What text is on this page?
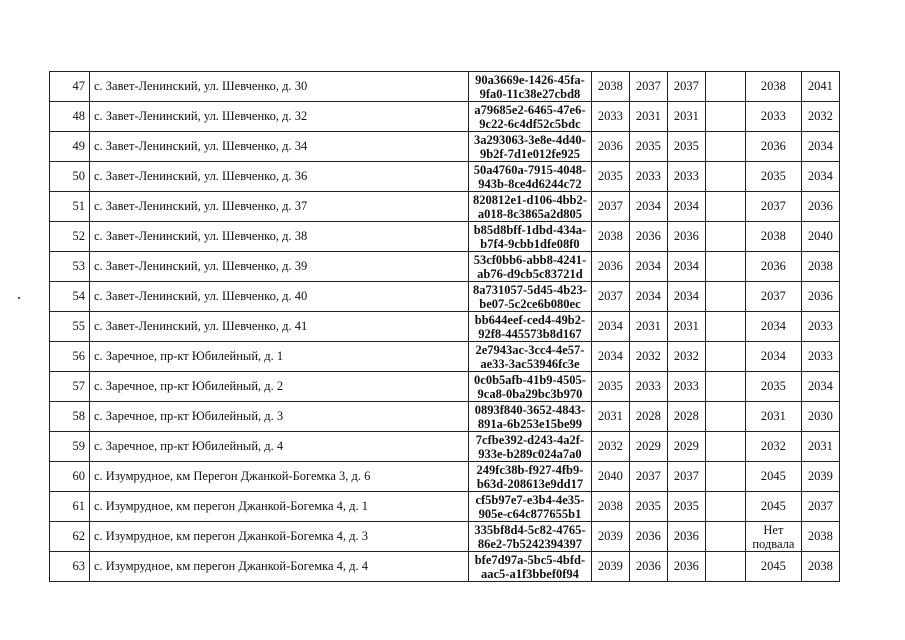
47	с. Завет-Ленинский, ул. Шевченко, д. 30	90a3669e-1426-45fa-
9fa0-11c38e27cbd8	2038	2037	2037		2038	2041
48	с. Завет-Ленинский, ул. Шевченко, д. 32	a79685e2-6465-47e6-
9c22-6c4df52c5bdc	2033	2031	2031		2033	2032
49	с. Завет-Ленинский, ул. Шевченко, д. 34	3a293063-3e8e-4d40-
9b2f-7d1e012fe925	2036	2035	2035		2036	2034
50	с. Завет-Ленинский, ул. Шевченко, д. 36	50a4760a-7915-4048-
943b-8ce4d6244c72	2035	2033	2033		2035	2034
51	с. Завет-Ленинский, ул. Шевченко, д. 37	820812e1-d106-4bb2-
a018-8c3865a2d805	2037	2034	2034		2037	2036
52	с. Завет-Ленинский, ул. Шевченко, д. 38	b85d8bff-1dbd-434a-
b7f4-9cbb1dfe08f0	2038	2036	2036		2038	2040
53	с. Завет-Ленинский, ул. Шевченко, д. 39	53cf0bb6-abb8-4241-
ab76-d9cb5c83721d	2036	2034	2034		2036	2038
54	с. Завет-Ленинский, ул. Шевченко, д. 40	8a731057-5d45-4b23-
be07-5c2ce6b080ec	2037	2034	2034		2037	2036
55	с. Завет-Ленинский, ул. Шевченко, д. 41	bb644eef-ced4-49b2-
92f8-445573b8d167	2034	2031	2031		2034	2033
56	с. Заречное, пр-кт Юбилейный, д. 1	2e7943ac-3cc4-4e57-
ae33-3ac53946fc3e	2034	2032	2032		2034	2033
57	с. Заречное, пр-кт Юбилейный, д. 2	0c0b5afb-41b9-4505-
9ca8-0ba29bc3b970	2035	2033	2033		2035	2034
58	с. Заречное, пр-кт Юбилейный, д. 3	0893f840-3652-4843-
891a-6b253e15be99	2031	2028	2028		2031	2030
59	с. Заречное, пр-кт Юбилейный, д. 4	7cfbe392-d243-4a2f-
933e-b289c024a7a0	2032	2029	2029		2032	2031
60	с. Изумрудное, км Перегон Джанкой-Богемка 3, д. 6	249fc38b-f927-4fb9-
b63d-208613e9dd17	2040	2037	2037		2045	2039
61	с. Изумрудное, км перегон Джанкой-Богемка 4, д. 1	cf5b97e7-e3b4-4e35-
905e-c64c877655b1	2038	2035	2035		2045	2037
62	с. Изумрудное, км перегон Джанкой-Богемка 4, д. 3	335bf8d4-5c82-4765-
86e2-7b5242394397	2039	2036	2036		Нет подвала	2038
63	с. Изумрудное, км перегон Джанкой-Богемка 4, д. 4	bfe7d97a-5bc5-4bfd-
aac5-a1f3bbef0f94	2039	2036	2036		2045	2038
